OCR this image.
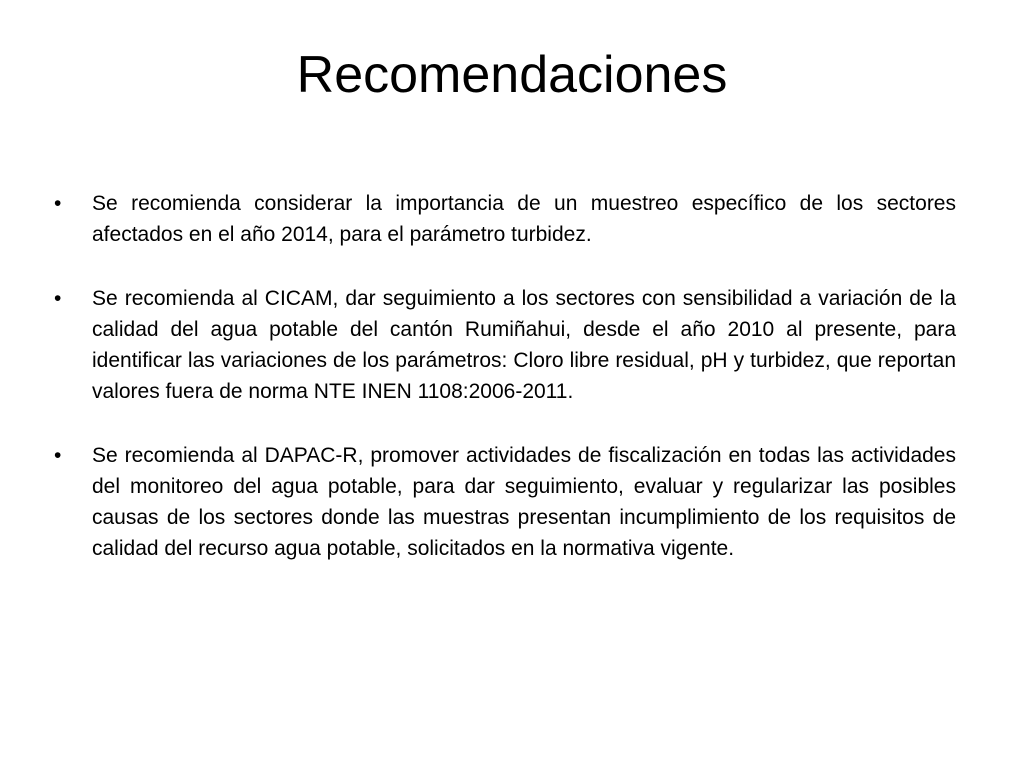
Recomendaciones
•	Se recomienda considerar la importancia de un muestreo específico de los sectores afectados en el año 2014, para el parámetro turbidez.
•	Se recomienda al CICAM, dar seguimiento a los sectores con sensibilidad a variación de la calidad del agua potable del cantón Rumiñahui, desde el año 2010 al presente, para identificar las variaciones de los parámetros: Cloro libre residual, pH y turbidez, que reportan valores fuera de norma NTE INEN 1108:2006-2011.
•	Se recomienda al DAPAC-R, promover actividades de fiscalización en todas las actividades del monitoreo del agua potable, para dar seguimiento, evaluar y regularizar las posibles causas de los sectores donde las muestras presentan incumplimiento de los requisitos de calidad del recurso agua potable, solicitados en la normativa vigente.
